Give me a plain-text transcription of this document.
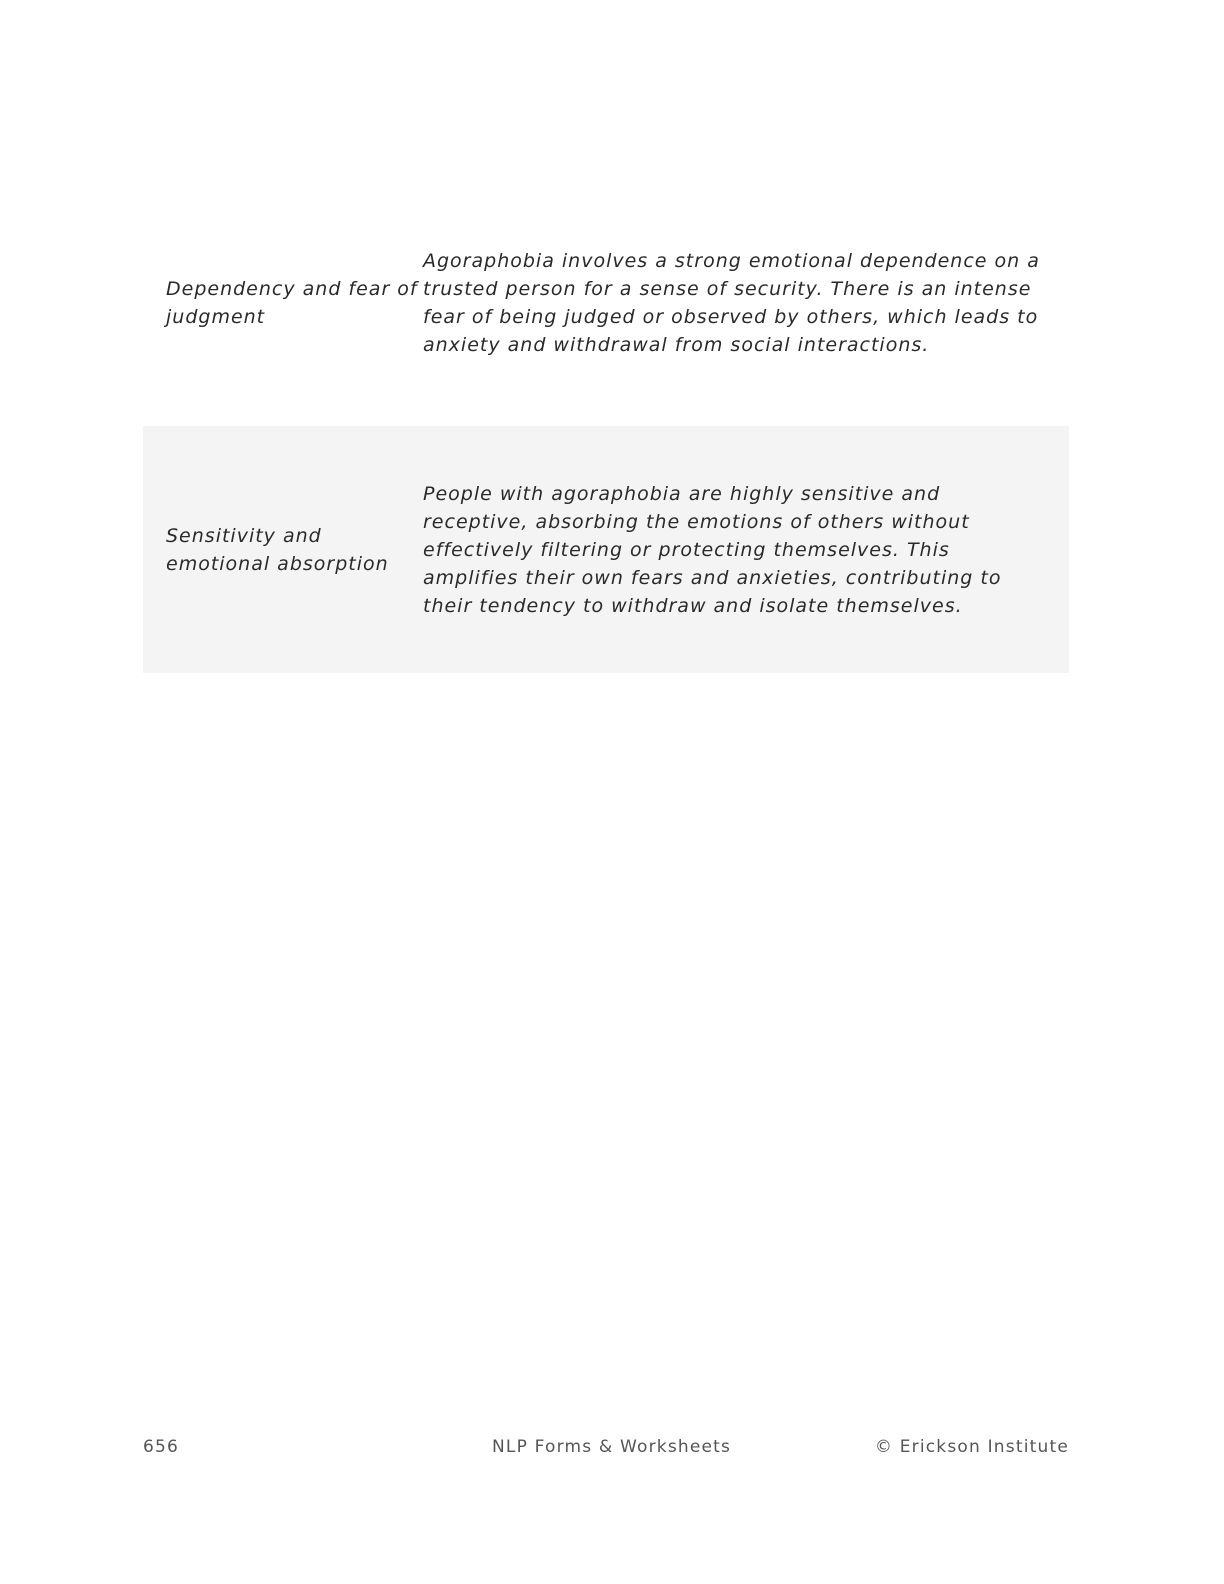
Dependency and fear of judgment
Agoraphobia involves a strong emotional dependence on a trusted person for a sense of security. There is an intense fear of being judged or observed by others, which leads to anxiety and withdrawal from social interactions.
Sensitivity and emotional absorption
People with agoraphobia are highly sensitive and receptive, absorbing the emotions of others without effectively filtering or protecting themselves. This amplifies their own fears and anxieties, contributing to their tendency to withdraw and isolate themselves.
656	NLP Forms & Worksheets	© Erickson Institute
